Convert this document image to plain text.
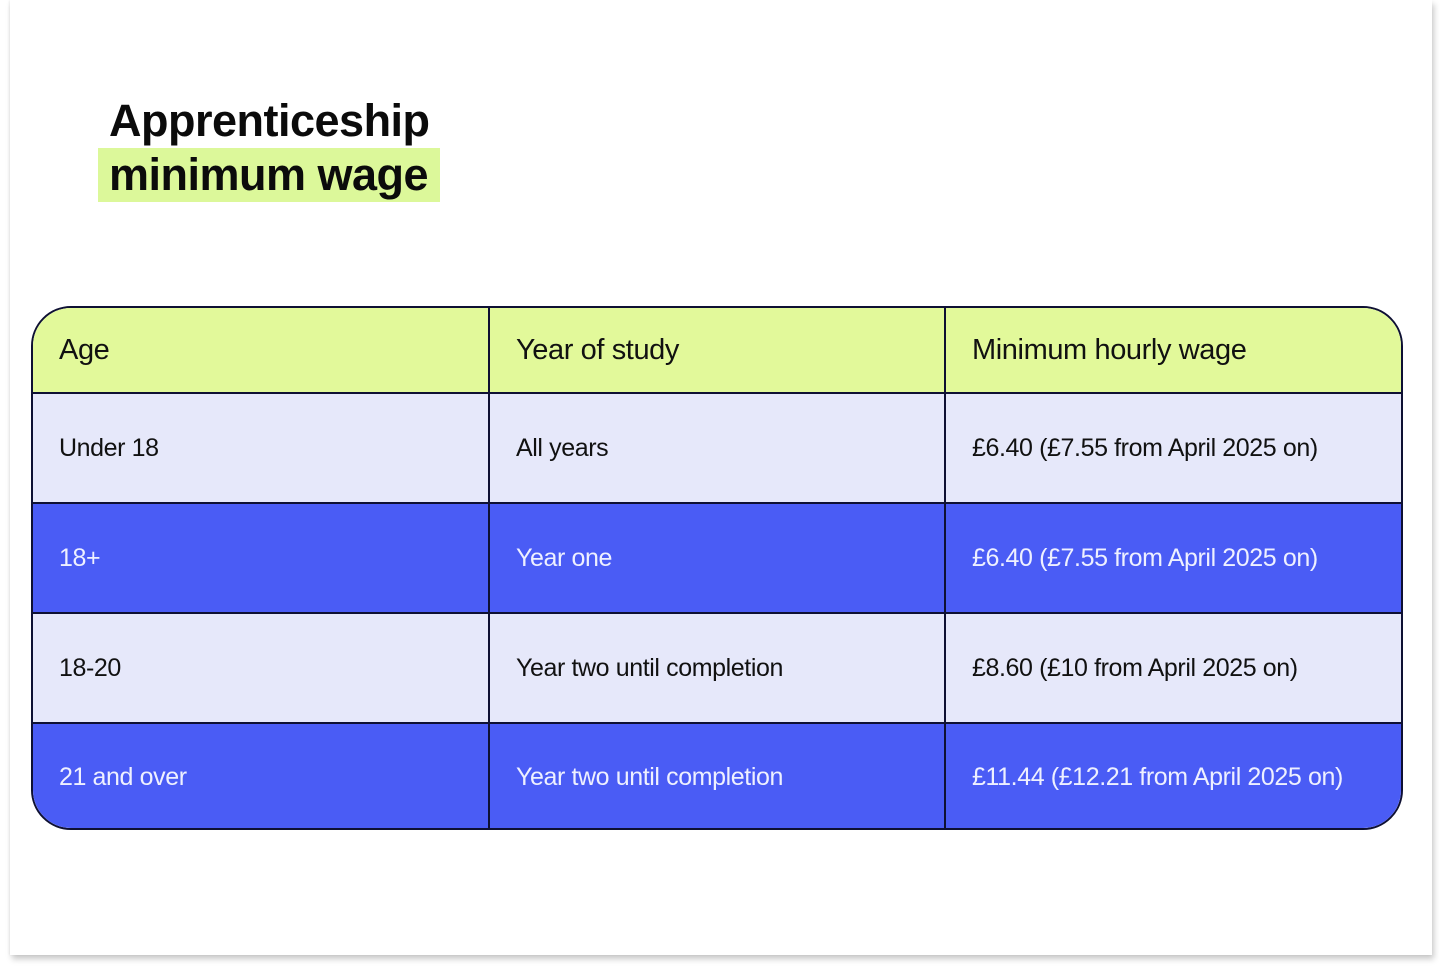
Apprenticeship
minimum wage
Age	Year of study	Minimum hourly wage
Under 18	All years	£6.40 (£7.55 from April 2025 on)
18+	Year one	£6.40 (£7.55 from April 2025 on)
18-20	Year two until completion	£8.60 (£10 from April 2025 on)
21 and over	Year two until completion	£11.44 (£12.21 from April 2025 on)
